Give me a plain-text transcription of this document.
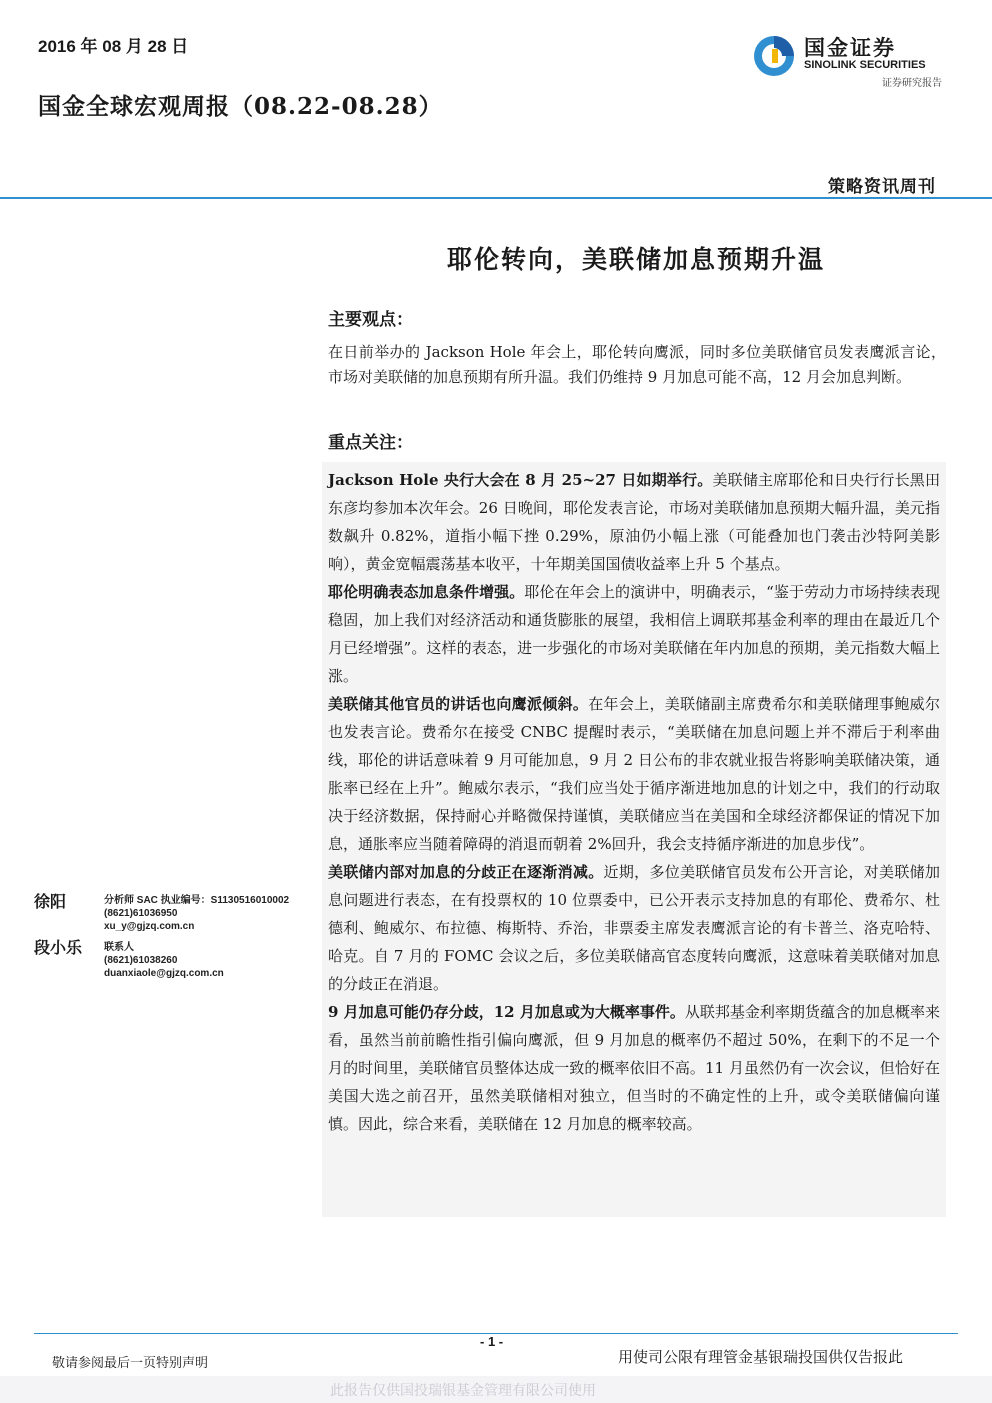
2016 年 08 月 28 日
国金全球宏观周报（08.22-08.28）
国金证券
SINOLINK SECURITIES
证券研究报告
策略资讯周刊
耶伦转向，美联储加息预期升温
主要观点：
在日前举办的 Jackson Hole 年会上，耶伦转向鹰派，同时多位美联储官员发表鹰派言论，市场对美联储的加息预期有所升温。我们仍维持 9 月加息可能不高，12 月会加息判断。
重点关注：

Jackson Hole 央行大会在 8 月 25~27 日如期举行。美联储主席耶伦和日央行行长黑田东彦均参加本次年会。26 日晚间，耶伦发表言论，市场对美联储加息预期大幅升温，美元指数飙升 0.82%，道指小幅下挫 0.29%，原油仍小幅上涨（可能叠加也门袭击沙特阿美影响），黄金宽幅震荡基本收平，十年期美国国债收益率上升 5 个基点。

耶伦明确表态加息条件增强。耶伦在年会上的演讲中，明确表示，“鉴于劳动力市场持续表现稳固，加上我们对经济活动和通货膨胀的展望，我相信上调联邦基金利率的理由在最近几个月已经增强”。这样的表态，进一步强化的市场对美联储在年内加息的预期，美元指数大幅上涨。

美联储其他官员的讲话也向鹰派倾斜。在年会上，美联储副主席费希尔和美联储理事鲍威尔也发表言论。费希尔在接受 CNBC 提醒时表示，“美联储在加息问题上并不滞后于利率曲线，耶伦的讲话意味着 9 月可能加息，9 月 2 日公布的非农就业报告将影响美联储决策，通胀率已经在上升”。鲍威尔表示，“我们应当处于循序渐进地加息的计划之中，我们的行动取决于经济数据，保持耐心并略微保持谨慎，美联储应当在美国和全球经济都保证的情况下加息，通胀率应当随着障碍的消退而朝着 2%回升，我会支持循序渐进的加息步伐”。

美联储内部对加息的分歧正在逐渐消减。近期，多位美联储官员发布公开言论，对美联储加息问题进行表态，在有投票权的 10 位票委中，已公开表示支持加息的有耶伦、费希尔、杜德利、鲍威尔、布拉德、梅斯特、乔治，非票委主席发表鹰派言论的有卡普兰、洛克哈特、哈克。自 7 月的 FOMC 会议之后，多位美联储高官态度转向鹰派，这意味着美联储对加息的分歧正在消退。

9 月加息可能仍存分歧，12 月加息或为大概率事件。从联邦基金利率期货蕴含的加息概率来看，虽然当前前瞻性指引偏向鹰派，但 9 月加息的概率仍不超过 50%，在剩下的不足一个月的时间里，美联储官员整体达成一致的概率依旧不高。11 月虽然仍有一次会议，但恰好在美国大选之前召开，虽然美联储相对独立，但当时的不确定性的上升，或令美联储偏向谨慎。因此，综合来看，美联储在 12 月加息的概率较高。

徐阳	分析师 SAC 执业编号：S1130516010002
(8621)61036950
xu_y@gjzq.com.cn
段小乐 联系人
(8621)61038260
duanxiaole@gjzq.com.cn
- 1 -
敬请参阅最后一页特别声明	用使司公限有理管金基银瑞投国供仅告报此
此报告仅供国投瑞银基金管理有限公司使用
